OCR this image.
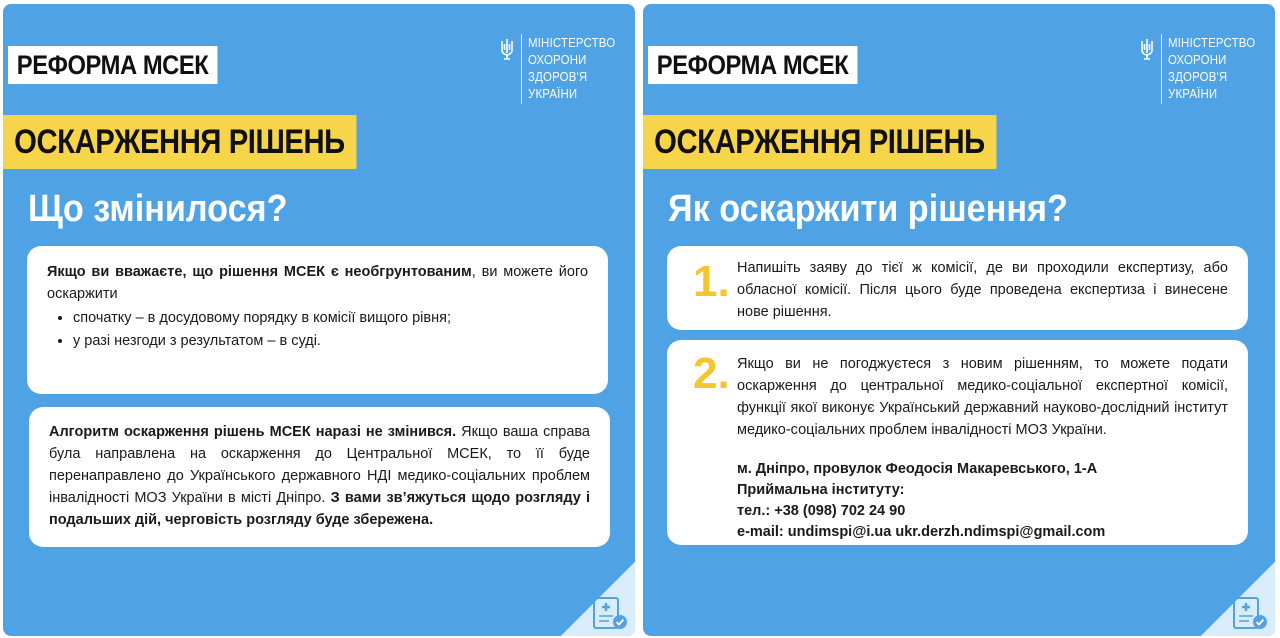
РЕФОРМА МСЕК
ОСКАРЖЕННЯ РІШЕНЬ
МІНІСТЕРСТВО
ОХОРОНИ
ЗДОРОВ'Я
УКРАЇНИ
Що змінилося?

Якщо ви вважаєте, що рішення МСЕК є необгрунтованим, ви можете його оскаржити

• спочатку – в досудовому порядку в комісії вищого рівня;
• у разі незгоди з результатом – в суді.

Алгоритм оскарження рішень МСЕК наразі не змінився. Якщо ваша справа була направлена на оскарження до Центральної МСЕК, то її буде перенаправлено до Українського державного НДІ медико-соціальних проблем інвалідності МОЗ України в місті Дніпро. З вами зв’яжуться щодо розгляду і подальших дій, черговість розгляду буде збережена.

РЕФОРМА МСЕК
ОСКАРЖЕННЯ РІШЕНЬ
МІНІСТЕРСТВО
ОХОРОНИ
ЗДОРОВ'Я
УКРАЇНИ
Як оскаржити рішення?
1. Напишіть заяву до тієї ж комісії, де ви проходили експертизу, або обласної комісії. Після цього буде проведена експертиза і винесене нове рішення.

2. Якщо ви не погоджуєтеся з новим рішенням, то можете подати оскарження до центральної медико-соціальної експертної комісії, функції якої виконує Український державний науково-дослідний інститут медико-соціальних проблем інвалідності МОЗ України.

м. Дніпро, провулок Феодосія Макаревського, 1-А
Приймальна інституту:
тел.: +38 (098) 702 24 90
e-mail: undimspi@i.ua ukr.derzh.ndimspi@gmail.com
